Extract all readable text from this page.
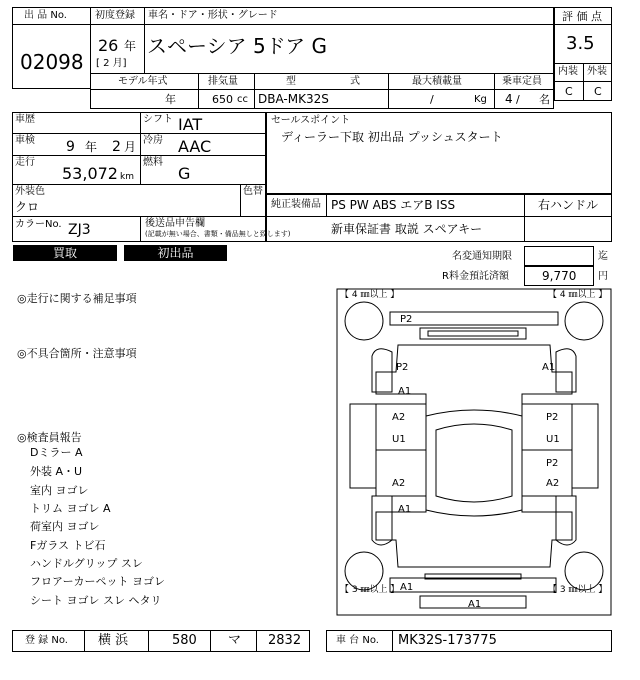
出 品 No.
02098
初度登録 車名・ドア・形状・グレード
26 年
[ 2 月]
スペーシア 5ドア G
モデル年式	排気量	型	式	最大積載量	乗車定員
年	650 cc DBA-MK32S	/	Kg 4 / 名
評 価 点
3.5
内装 外装
C C
車歴	シフト IAT
車検 9 年 2 月 冷房 AAC
走行
53,072 km
燃料
G
外装色
クロ
色替
カラーNo. ZJ3	後送品申告欄
(記載が無い場合、書類・備品無しと致します)
セールスポイント
ディーラー下取 初出品 プッシュスタート
純正装備品 PS PW ABS エアB ISS	右ハンドル
新車保証書 取説 スペアキー
買取	初出品	名変通知期限	迄
R料金預託済額	9,770 円
◎走行に関する補足事項
◎不具合箇所・注意事項
◎検査員報告
Dミラー A
外装 A・U
室内 ヨゴレ
トリム ヨゴレ A
荷室内 ヨゴレ
Fガラス トビ石
ハンドルグリップ スレ
フロアーカーペット ヨゴレ
シート ヨゴレ スレ ヘタリ
【 4 ㎜以上 】	【 4 ㎜以上 】
【 3 ㎜以上 】	【 3 ㎜以上 】
P2
P2
A1
A2
U1
A2
A1
A1
P2
U1
P2
A2
A1
A1
登 録 No. 横 浜	580 マ 2832	車 台 No. MK32S-173775
